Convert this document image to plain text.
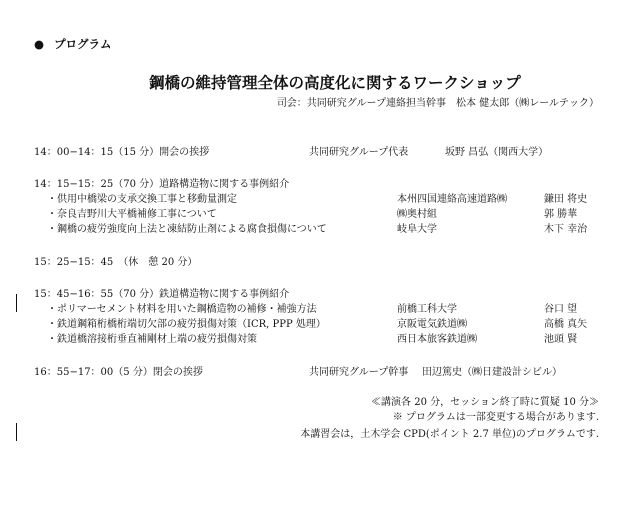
● プログラム
鋼橋の維持管理全体の高度化に関するワークショップ
司会：共同研究グループ連絡担当幹事　松本 健太郎（㈱レールテック）
14：00−14：15（15 分）開会の挨拶	共同研究グループ代表	坂野 昌弘（関西大学）
14：15−15：25（70 分）道路構造物に関する事例紹介
・供用中橋梁の支承交換工事と移動量測定	本州四国連絡高速道路㈱	鎌田 将史
・奈良吉野川大平橋補修工事について	㈱奥村組	郭 勝華
・鋼橋の疲労強度向上法と凍結防止剤による腐食損傷について	岐阜大学	木下 幸治
15：25−15：45　（休　憩 20 分）
15：45−16：55（70 分）鉄道構造物に関する事例紹介
・ポリマーセメント材料を用いた鋼橋造物の補修・補強方法	前橋工科大学	谷口 望
・鉄道鋼箱桁橋桁端切欠部の疲労損傷対策（ICR, PPP 処理）	京阪電気鉄道㈱	高橋 真矢
・鉄道橋溶接桁垂直補剛材上端の疲労損傷対策	西日本旅客鉄道㈱	池頭 賢
16：55−17：00（5 分）閉会の挨拶	共同研究グループ幹事 田辺篤史（㈱日建設計シビル）
≪講演各 20 分，セッション終了時に質疑 10 分≫
※ プログラムは一部変更する場合があります.
本講習会は，土木学会 CPD(ポイント 2.7 単位)のプログラムです.
